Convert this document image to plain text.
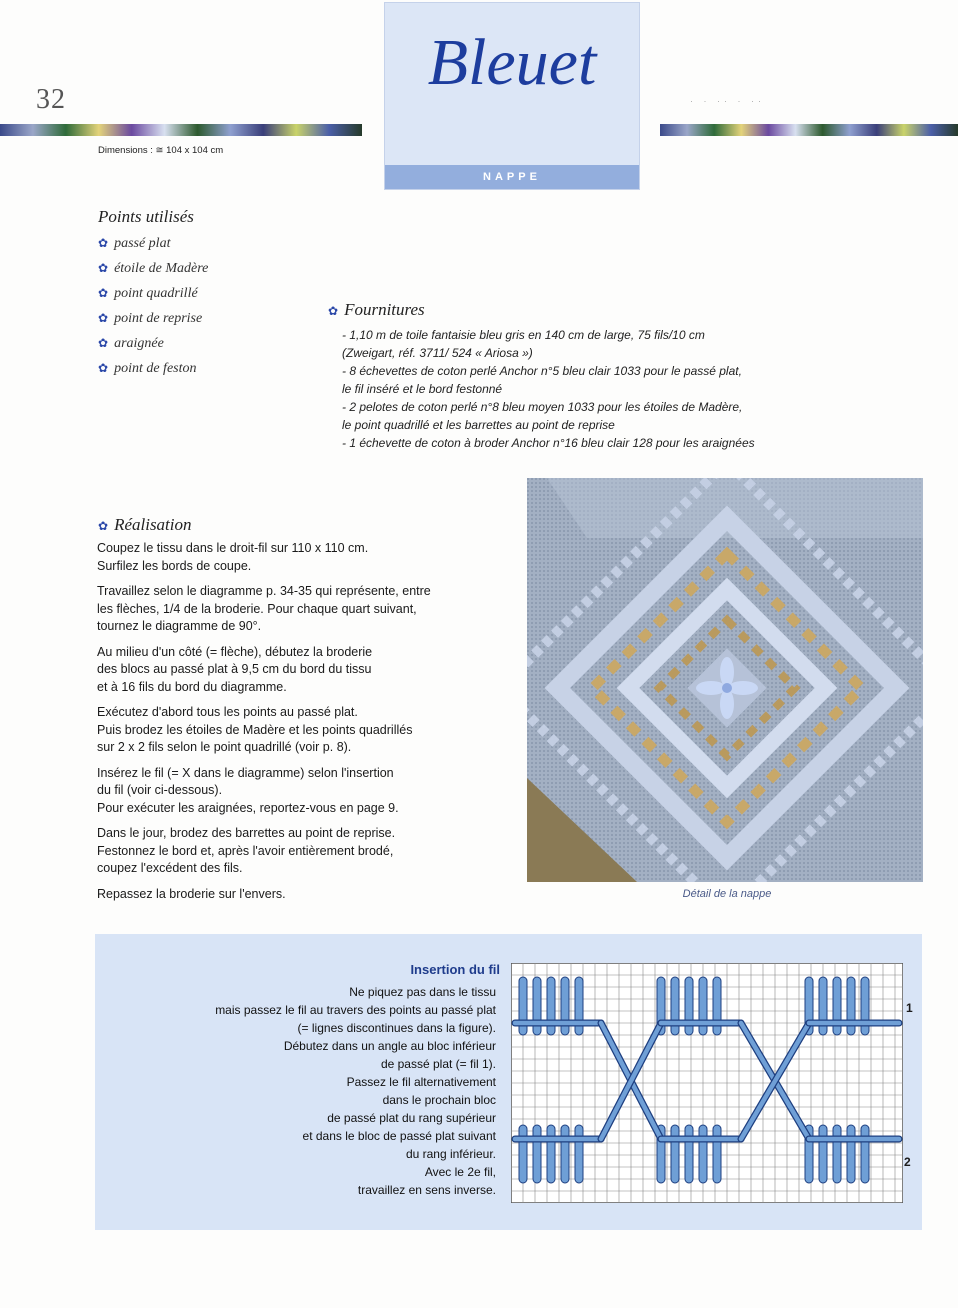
32	· · ·· · ··
Dimensions : ≅ 104 x 104 cm
Bleuet
NAPPE
Points utilisés
✿ passé plat
✿ étoile de Madère
✿ point quadrillé
✿ point de reprise
✿ araignée
✿ point de feston
✿ Fournitures
- 1,10 m de toile fantaisie bleu gris en 140 cm de large, 75 fils/10 cm
(Zweigart, réf. 3711/ 524 « Ariosa »)
- 8 échevettes de coton perlé Anchor n°5 bleu clair 1033 pour le passé plat,
le fil inséré et le bord festonné
- 2 pelotes de coton perlé n°8 bleu moyen 1033 pour les étoiles de Madère,
le point quadrillé et les barrettes au point de reprise
- 1 échevette de coton à broder Anchor n°16 bleu clair 128 pour les araignées
✿ Réalisation

Coupez le tissu dans le droit-fil sur 110 x 110 cm.
Surfilez les bords de coupe.

Travaillez selon le diagramme p. 34-35 qui représente, entre
les flèches, 1/4 de la broderie. Pour chaque quart suivant,
tournez le diagramme de 90°.

Au milieu d'un côté (= flèche), débutez la broderie
des blocs au passé plat à 9,5 cm du bord du tissu
et à 16 fils du bord du diagramme.

Exécutez d'abord tous les points au passé plat.
Puis brodez les étoiles de Madère et les points quadrillés
sur 2 x 2 fils selon le point quadrillé (voir p. 8).

Insérez le fil (= X dans le diagramme) selon l'insertion
du fil (voir ci-dessous).
Pour exécuter les araignées, reportez-vous en page 9.

Dans le jour, brodez des barrettes au point de reprise.
Festonnez le bord et, après l'avoir entièrement brodé,
coupez l'excédent des fils.

Repassez la broderie sur l'envers.	Détail de la nappe
Insertion du fil

Ne piquez pas dans le tissu
mais passez le fil au travers des points au passé plat
(= lignes discontinues dans la figure).

Débutez dans un angle au bloc inférieur
de passé plat (= fil 1).

Passez le fil alternativement
dans le prochain bloc
de passé plat du rang supérieur
et dans le bloc de passé plat suivant
du rang inférieur.

Avec le 2e fil,
travaillez en sens inverse.

1
2
